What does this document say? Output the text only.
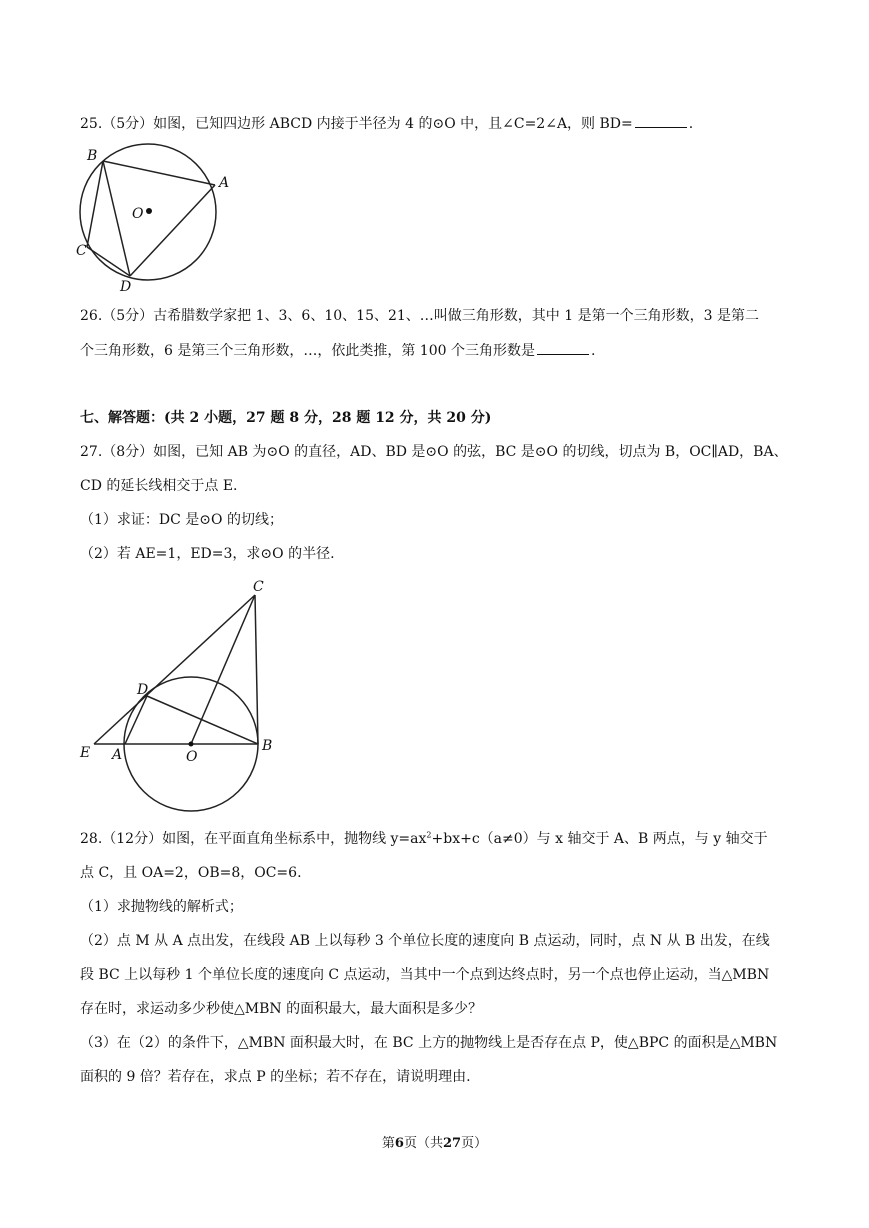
25.（5分）如图，已知四边形 ABCD 内接于半径为 4 的⊙O 中，且∠C=2∠A，则 BD=	.
B
A
O
C
D
26.（5分）古希腊数学家把 1、3、6、10、15、21、…叫做三角形数，其中 1 是第一个三角形数，3 是第二
个三角形数，6 是第三个三角形数，…，依此类推，第 100 个三角形数是	.
七、解答题：(共 2 小题，27 题 8 分，28 题 12 分，共 20 分)
27.（8分）如图，已知 AB 为⊙O 的直径，AD、BD 是⊙O 的弦，BC 是⊙O 的切线，切点为 B，OC∥AD，BA、
CD 的延长线相交于点 E.
（1）求证：DC 是⊙O 的切线；
（2）若 AE=1，ED=3，求⊙O 的半径.
C
D
E A	O
B
28.（12分）如图，在平面直角坐标系中，抛物线 $y=ax^2+bx+c(a\ne 0)$与 x 轴交于 A、B 两点，与 y 轴交于
点 C，且 OA=2，OB=8，OC=6.
（1）求抛物线的解析式；
（2）点 M 从 A 点出发，在线段 AB 上以每秒 3 个单位长度的速度向 B 点运动，同时，点 N 从 B 出发，在线
段 BC 上以每秒 1 个单位长度的速度向 C 点运动，当其中一个点到达终点时，另一个点也停止运动，当△MBN
存在时，求运动多少秒使△MBN 的面积最大，最大面积是多少？
（3）在（2）的条件下，△MBN 面积最大时，在 BC 上方的抛物线上是否存在点 P，使△BPC 的面积是△MBN
面积的 9 倍？若存在，求点 P 的坐标；若不存在，请说明理由.
第6页（共27页）
